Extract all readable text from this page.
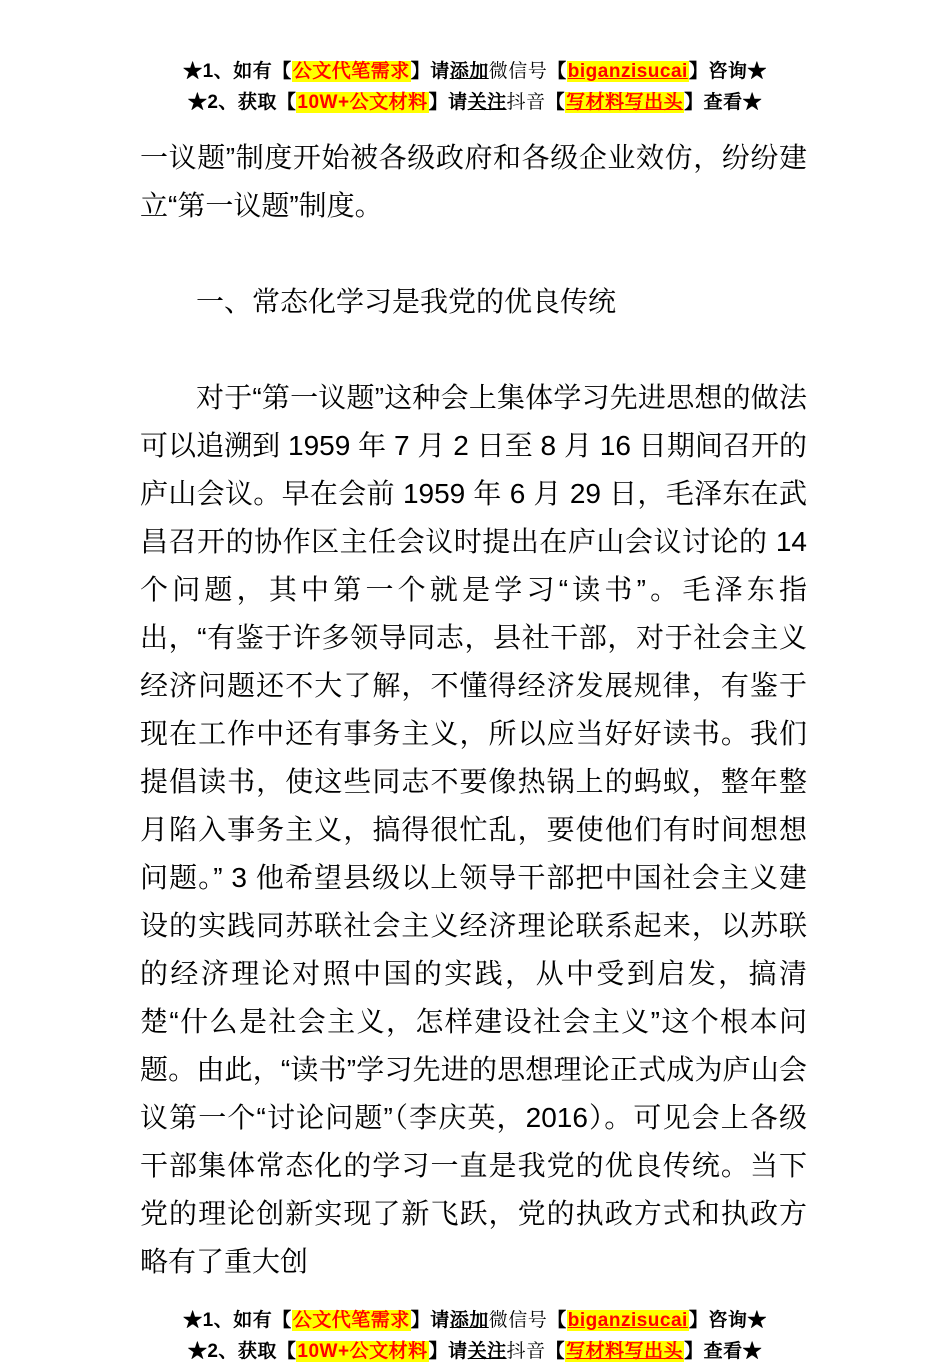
★1、如有【公文代笔需求】请添加微信号【biganzisucai】咨询★
★2、获取【10W+公文材料】请关注抖音【写材料写出头】查看★

一议题”制度开始被各级政府和各级企业效仿，纷纷建立“第一议题”制度。

一、常态化学习是我党的优良传统

对于“第一议题”这种会上集体学习先进思想的做法可以追溯到 1959 年 7 月 2 日至 8 月 16 日期间召开的庐山会议。早在会前 1959 年 6 月 29 日，毛泽东在武昌召开的协作区主任会议时提出在庐山会议讨论的 14 个问题，其中第一个就是学习“读书”。毛泽东指出，“有鉴于许多领导同志，县社干部，对于社会主义经济问题还不大了解，不懂得经济发展规律，有鉴于现在工作中还有事务主义，所以应当好好读书。我们提倡读书，使这些同志不要像热锅上的蚂蚁，整年整月陷入事务主义，搞得很忙乱，要使他们有时间想想问题。” 3 他希望县级以上领导干部把中国社会主义建设的实践同苏联社会主义经济理论联系起来，以苏联的经济理论对照中国的实践，从中受到启发，搞清楚“什么是社会主义，怎样建设社会主义”这个根本问题。由此，“读书”学习先进的思想理论正式成为庐山会议第一个“讨论问题”（李庆英，2016）。可见会上各级干部集体常态化的学习一直是我党的优良传统。当下党的理论创新实现了新飞跃，党的执政方式和执政方略有了重大创

★1、如有【公文代笔需求】请添加微信号【biganzisucai】咨询★
★2、获取【10W+公文材料】请关注抖音【写材料写出头】查看★
